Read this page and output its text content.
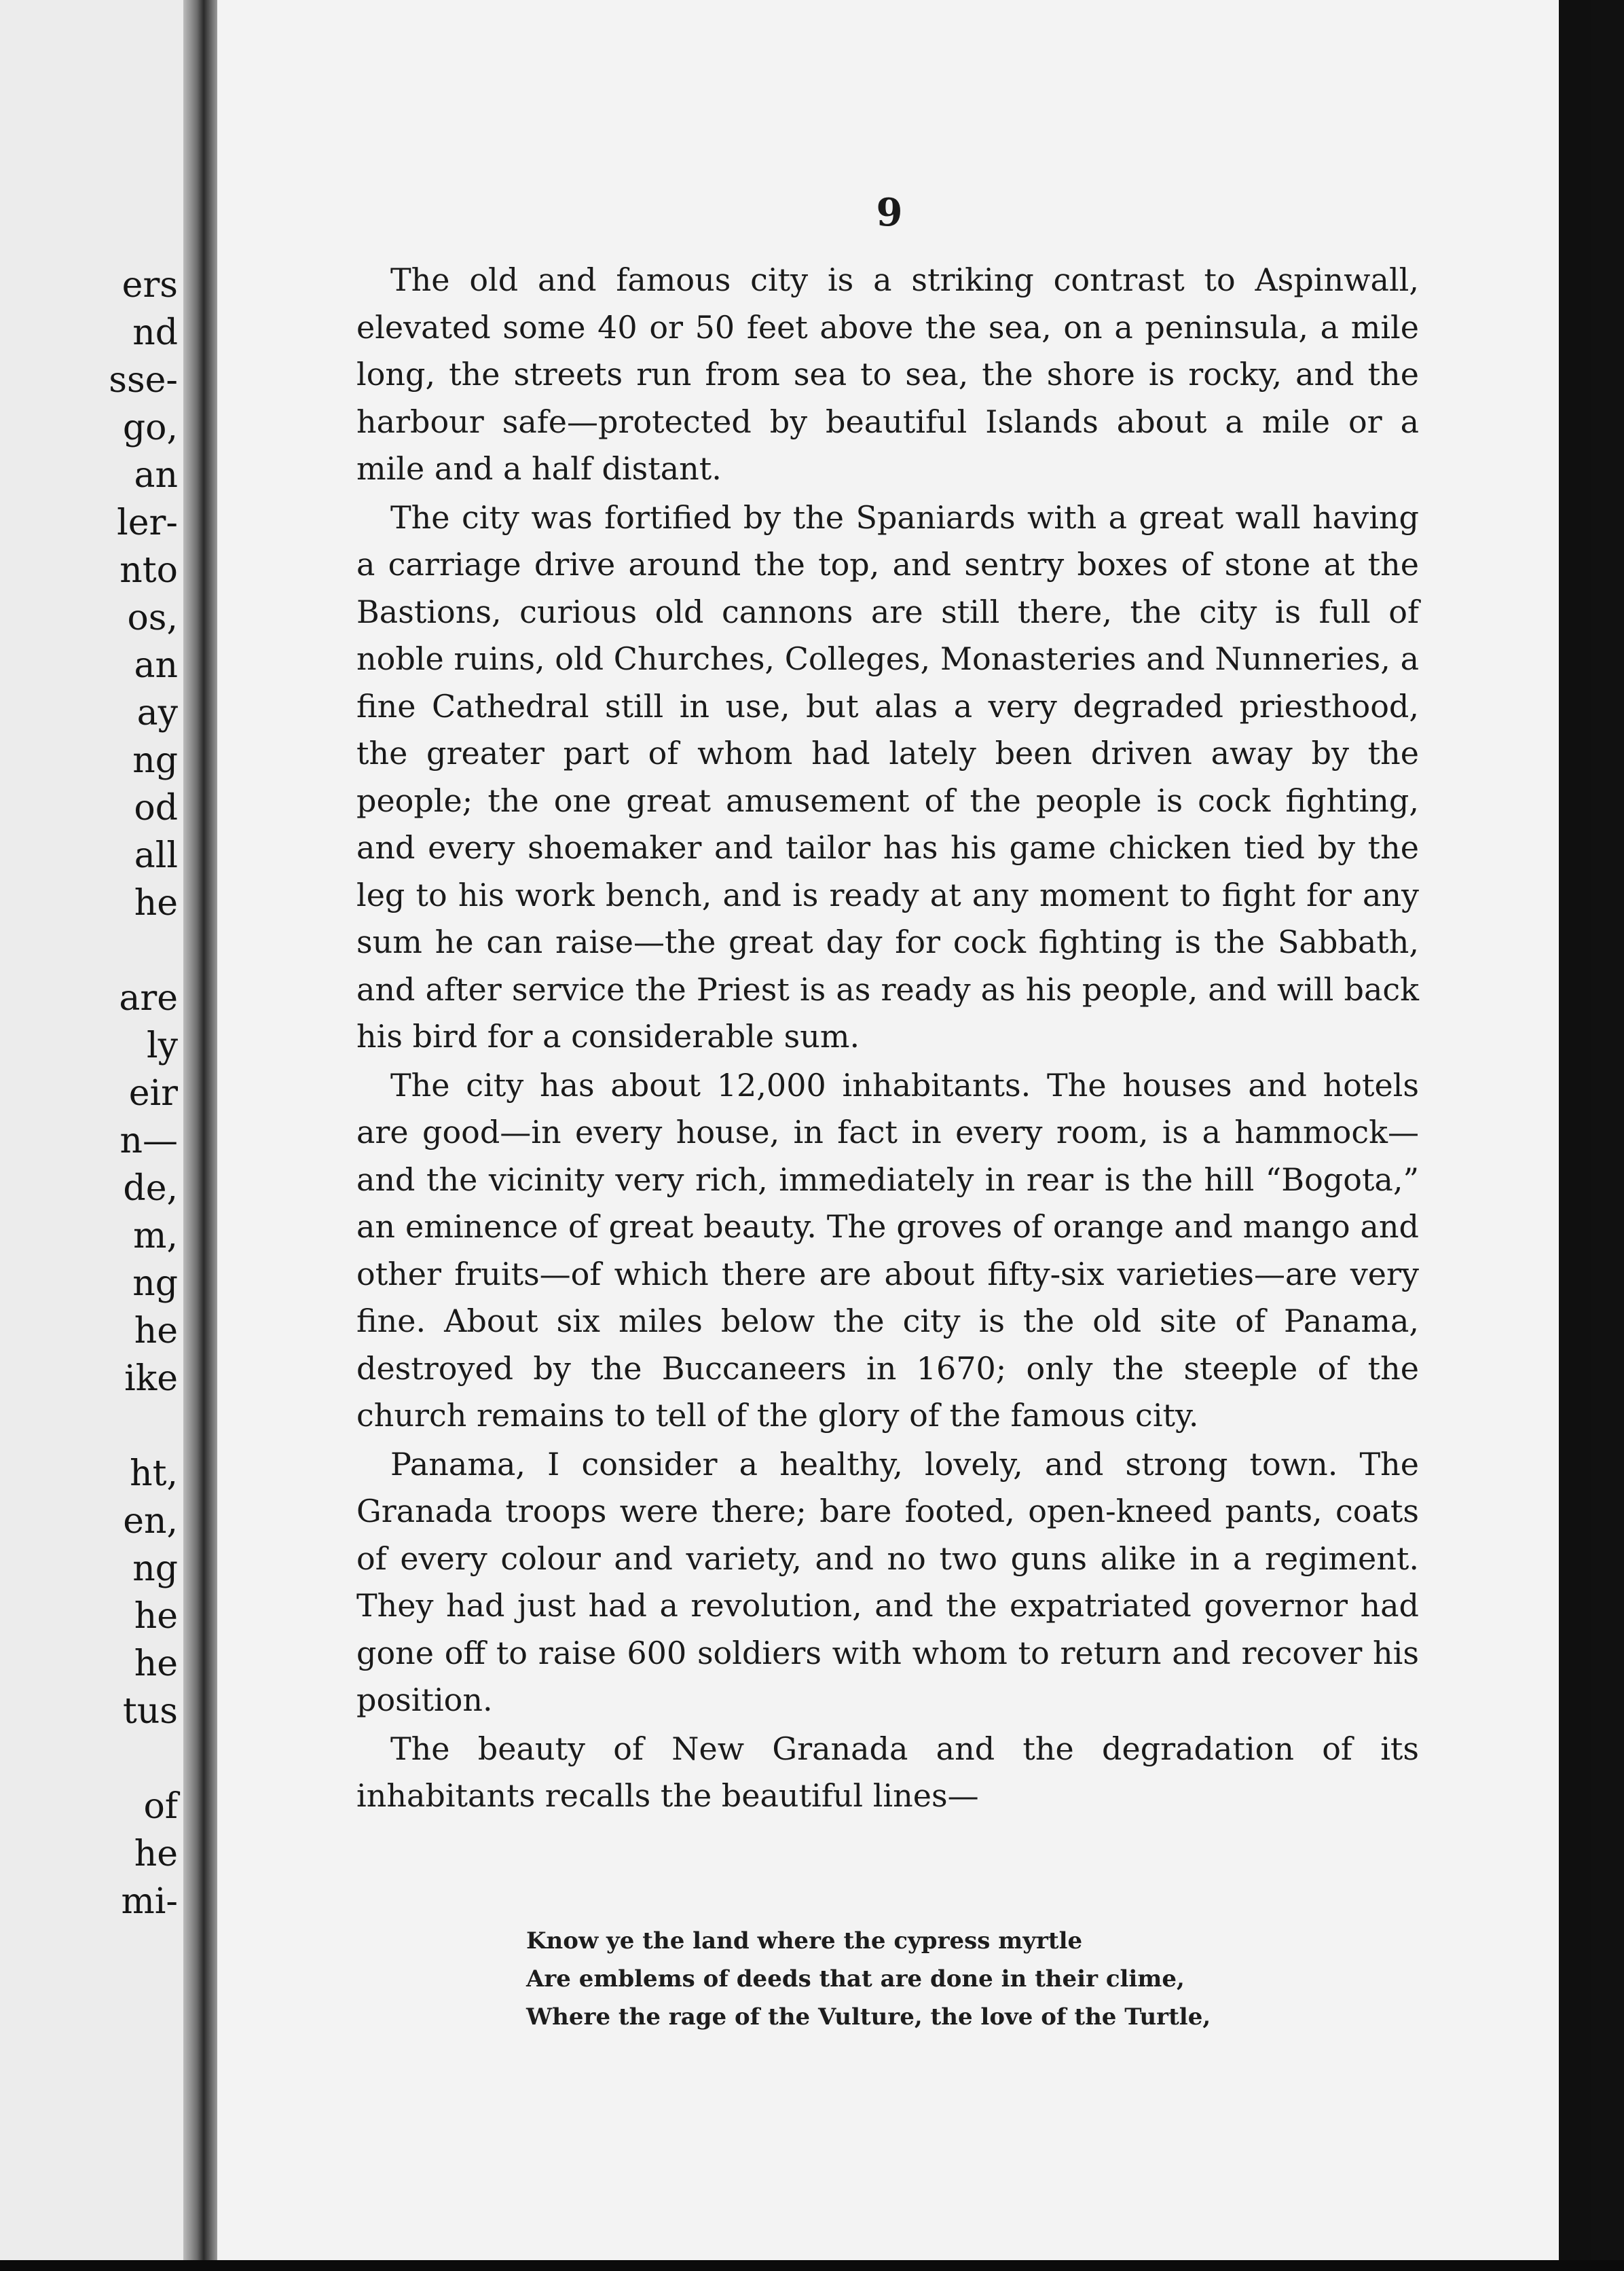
ers
nd
sse-
go,
an
ler-
nto
os,
an
ay
ng
od
all
he
are
ly
eir
n—
de,
m,
ng
he
ike
ht,
en,
ng
he
he
tus
of
he
mi-
9

The old and famous city is a striking contrast to Aspinwall, elevated some 40 or 50 feet above the sea, on a peninsula, a mile long, the streets run from sea to sea, the shore is rocky, and the harbour safe—protected by beautiful Islands about a mile or a mile and a half distant.

The city was fortified by the Spaniards with a great wall having a carriage drive around the top, and sentry boxes of stone at the Bastions, curious old cannons are still there, the city is full of noble ruins, old Churches, Colleges, Monasteries and Nunneries, a fine Cathedral still in use, but alas a very degraded priesthood, the greater part of whom had lately been driven away by the people; the one great amusement of the people is cock fighting, and every shoemaker and tailor has his game chicken tied by the leg to his work bench, and is ready at any moment to fight for any sum he can raise—the great day for cock fighting is the Sabbath, and after service the Priest is as ready as his people, and will back his bird for a considerable sum.

The city has about 12,000 inhabitants. The houses and hotels are good—in every house, in fact in every room, is a hammock—and the vicinity very rich, immediately in rear is the hill “Bogota,” an eminence of great beauty. The groves of orange and mango and other fruits—of which there are about fifty-six varieties—are very fine. About six miles below the city is the old site of Panama, destroyed by the Buccaneers in 1670; only the steeple of the church remains to tell of the glory of the famous city.

Panama, I consider a healthy, lovely, and strong town. The Granada troops were there; bare footed, open-kneed pants, coats of every colour and variety, and no two guns alike in a regiment. They had just had a revolution, and the expatriated governor had gone off to raise 600 soldiers with whom to return and recover his position.

The beauty of New Granada and the degradation of its inhabitants recalls the beautiful lines—

Know ye the land where the cypress myrtle
Are emblems of deeds that are done in their clime,
Where the rage of the Vulture, the love of the Turtle,
